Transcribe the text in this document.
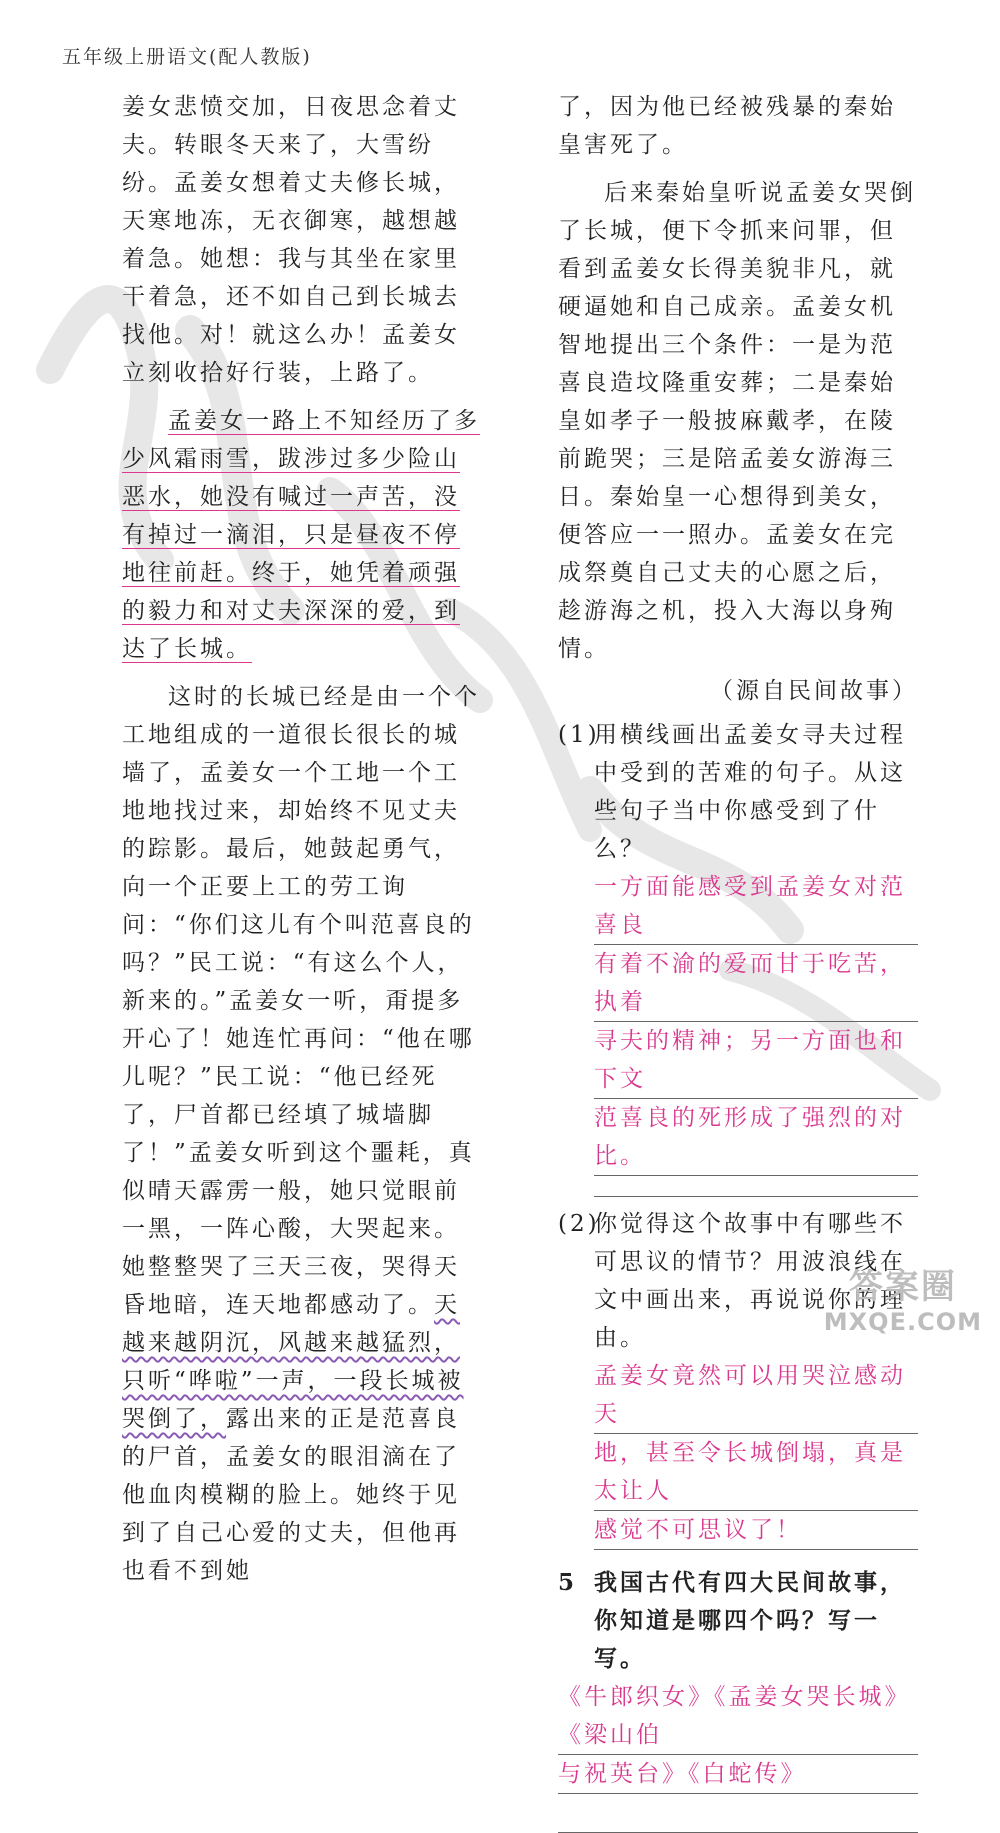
五年级上册语文(配人教版)

姜女悲愤交加，日夜思念着丈夫。转眼冬天来了，大雪纷纷。孟姜女想着丈夫修长城，天寒地冻，无衣御寒，越想越着急。她想：我与其坐在家里干着急，还不如自己到长城去找他。对！就这么办！孟姜女立刻收拾好行装，上路了。

孟姜女一路上不知经历了多少风霜雨雪，跋涉过多少险山恶水，她没有喊过一声苦，没有掉过一滴泪，只是昼夜不停地往前赶。终于，她凭着顽强的毅力和对丈夫深深的爱，到达了长城。

这时的长城已经是由一个个工地组成的一道很长很长的城墙了，孟姜女一个工地一个工地地找过来，却始终不见丈夫的踪影。最后，她鼓起勇气，向一个正要上工的劳工询问：“你们这儿有个叫范喜良的吗？”民工说：“有这么个人，新来的。”孟姜女一听，甭提多开心了！她连忙再问：“他在哪儿呢？”民工说：“他已经死了，尸首都已经填了城墙脚了！”孟姜女听到这个噩耗，真似晴天霹雳一般，她只觉眼前一黑，一阵心酸，大哭起来。她整整哭了三天三夜，哭得天昏地暗，连天地都感动了。天越来越阴沉，风越来越猛烈，只听“哗啦”一声，一段长城被哭倒了，露出来的正是范喜良的尸首，孟姜女的眼泪滴在了他血肉模糊的脸上。她终于见到了自己心爱的丈夫，但他再也看不到她

了，因为他已经被残暴的秦始皇害死了。

后来秦始皇听说孟姜女哭倒了长城，便下令抓来问罪，但看到孟姜女长得美貌非凡，就硬逼她和自己成亲。孟姜女机智地提出三个条件：一是为范喜良造坟隆重安葬；二是秦始皇如孝子一般披麻戴孝，在陵前跪哭；三是陪孟姜女游海三日。秦始皇一心想得到美女，便答应一一照办。孟姜女在完成祭奠自己丈夫的心愿之后，趁游海之机，投入大海以身殉情。

（源自民间故事）

(1)用横线画出孟姜女寻夫过程中受到的苦难的句子。从这些句子当中你感受到了什么？

一方面能感受到孟姜女对范喜良
有着不渝的爱而甘于吃苦，执着
寻夫的精神；另一方面也和下文
范喜良的死形成了强烈的对比。

(2)你觉得这个故事中有哪些不可思议的情节？用波浪线在文中画出来，再说说你的理由。

孟姜女竟然可以用哭泣感动天
地，甚至令长城倒塌，真是太让人
感觉不可思议了！

5 我国古代有四大民间故事，你知道是哪四个吗？写一写。

《牛郎织女》《孟姜女哭长城》《梁山伯
与祝英台》《白蛇传》
答案圈
MXQE.COM
